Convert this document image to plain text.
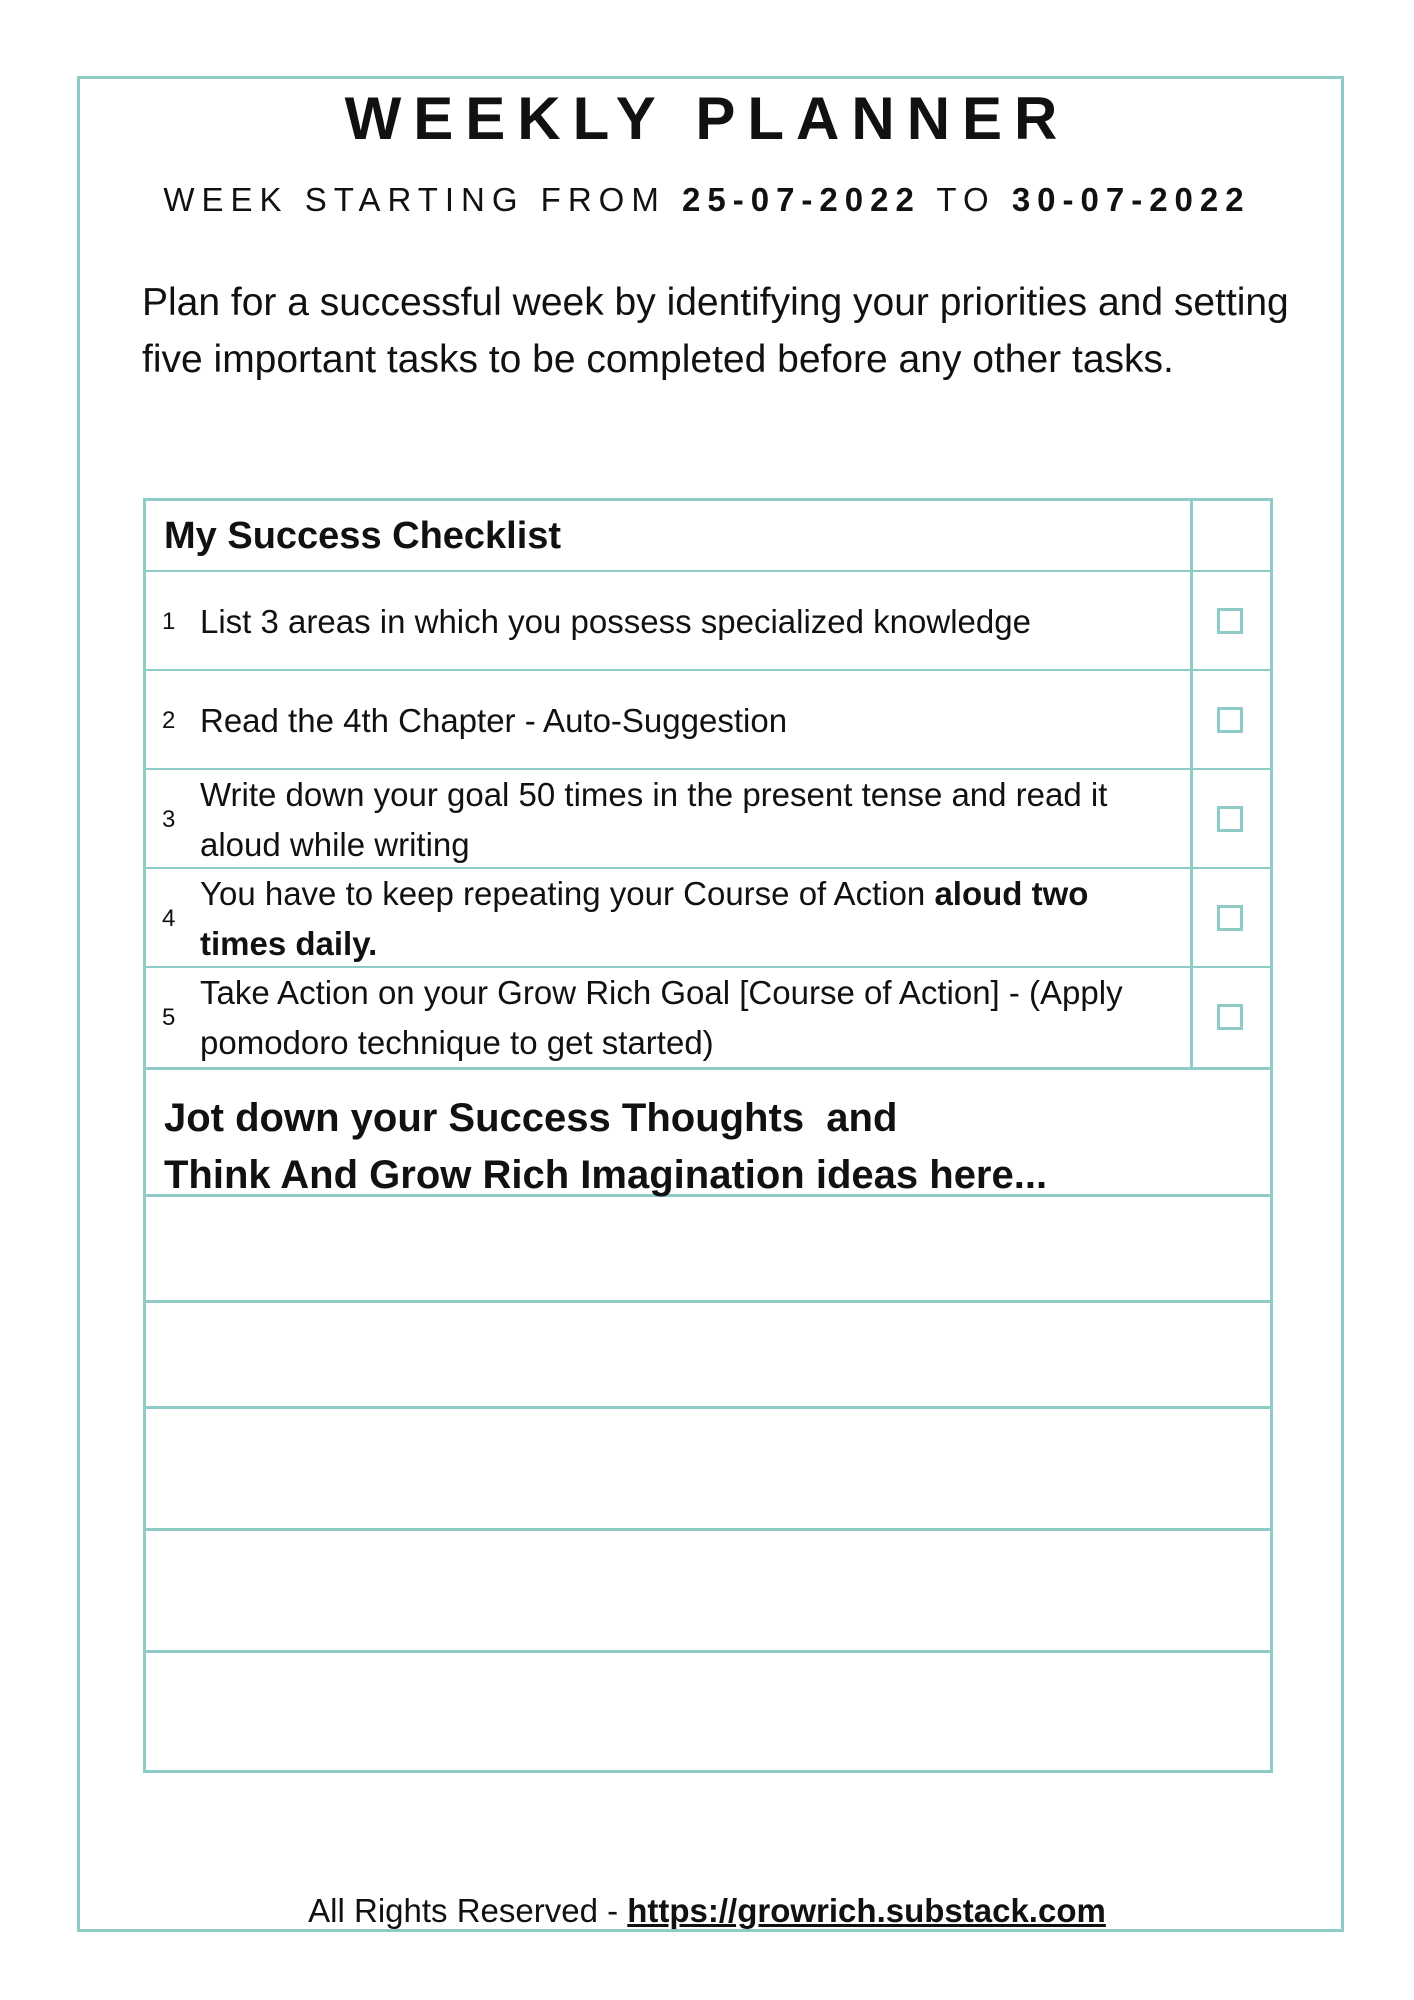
WEEKLY PLANNER
WEEK STARTING FROM 25-07-2022 TO 30-07-2022
Plan for a successful week by identifying your priorities and setting five important tasks to be completed before any other tasks.
My Success Checklist
1 List 3 areas in which you possess specialized knowledge
2 Read the 4th Chapter - Auto-Suggestion
3
Write down your goal 50 times in the present tense and read it aloud while writing
4
You have to keep repeating your Course of Action aloud two times daily.
5
Take Action on your Grow Rich Goal [Course of Action] - (Apply pomodoro technique to get started)
Jot down your Success Thoughts  and
Think And Grow Rich Imagination ideas here...
All Rights Reserved - https://growrich.substack.com
